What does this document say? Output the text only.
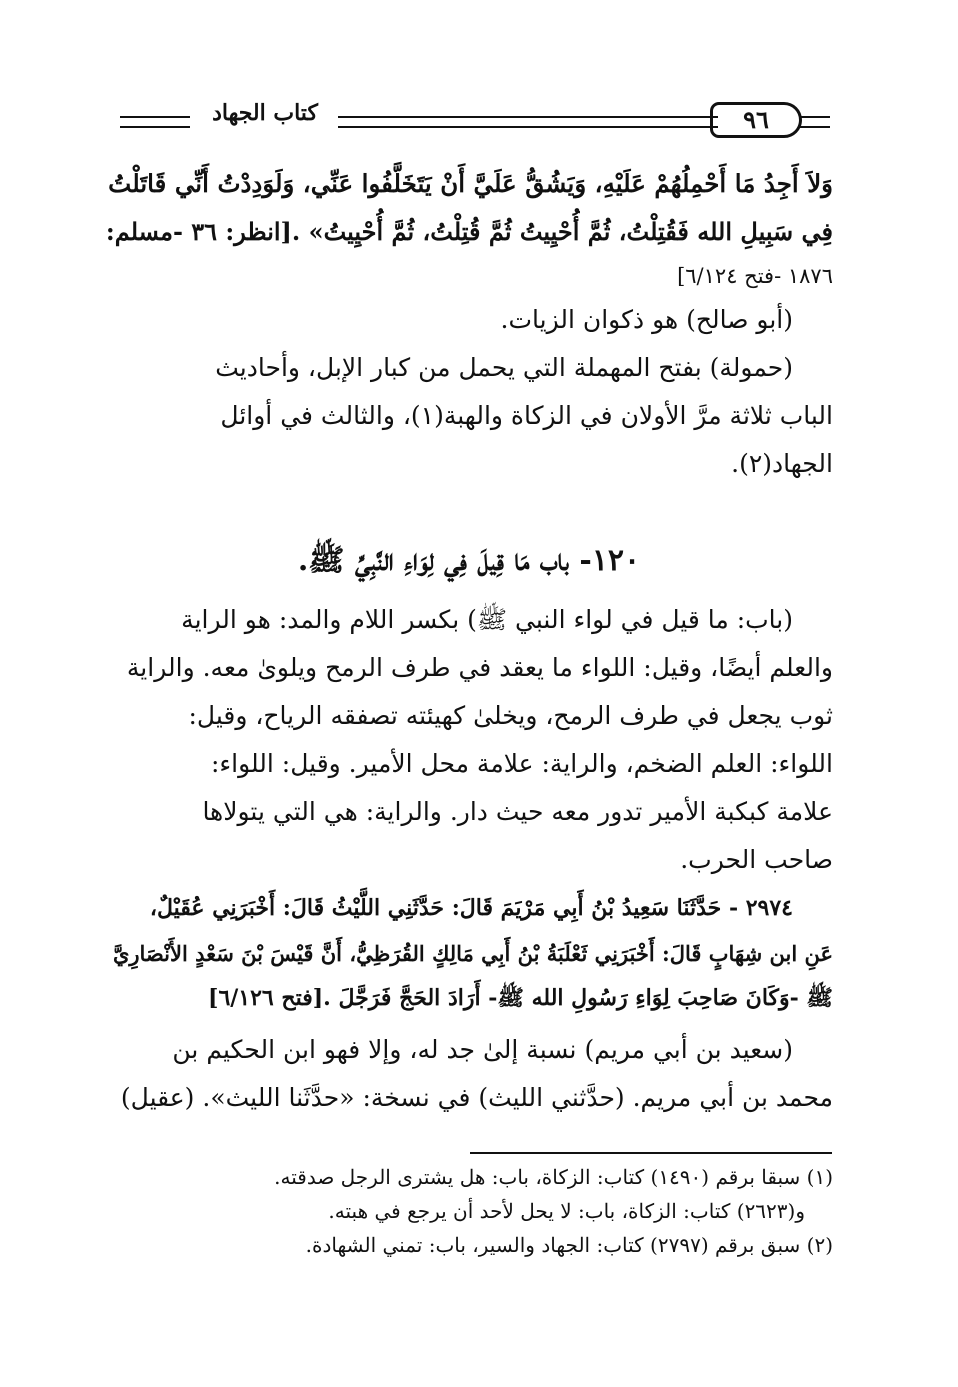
كتاب الجهاد	٩٦
وَلاَ أَجِدُ مَا أَحْمِلُهُمْ عَلَيْهِ، وَيَشُقُّ عَلَيَّ أَنْ يَتَخَلَّفُوا عَنِّي، وَلَوَدِدْتُ أَنِّي قَاتَلْتُ
فِي سَبِيلِ الله فَقُتِلْتُ، ثُمَّ أُحْيِيتُ ثُمَّ قُتِلْتُ، ثُمَّ أُحْيِيتُ» .[انظر: ٣٦ -مسلم:
١٨٧٦ -فتح ٦/١٢٤]
(أبو صالح) هو ذكوان الزيات.
(حمولة) بفتح المهملة التي يحمل من كبار الإبل، وأحاديث
الباب ثلاثة مرَّ الأولان في الزكاة والهبة(١)، والثالث في أوائل
الجهاد(٢).
١٢٠- باب مَا قِيلَ فِي لِوَاءِ النَّبِيِّ ﷺ.
(باب: ما قيل في لواء النبي ﷺ) بكسر اللام والمد: هو الراية
والعلم أيضًا، وقيل: اللواء ما يعقد في طرف الرمح ويلوىٰ معه. والراية
ثوب يجعل في طرف الرمح، ويخلىٰ كهيئته تصفقه الرياح، وقيل:
اللواء: العلم الضخم، والراية: علامة محل الأمير. وقيل: اللواء:
علامة كبكبة الأمير تدور معه حيث دار. والراية: هي التي يتولاها
صاحب الحرب.
٢٩٧٤ - حَدَّثَنَا سَعِيدُ بْنُ أَبِي مَرْيَمَ قَالَ: حَدَّثَنِي اللَّيْثُ قَالَ: أَخْبَرَنِي عُقَيْلٌ،
عَنِ ابن شِهَابٍ قَالَ: أَخْبَرَنِي ثَعْلَبَةُ بْنُ أَبِي مَالِكٍ القُرَظِيُّ، أَنَّ قَيْسَ بْنَ سَعْدٍ الأَنْصَارِيَّ
ﷺ -وَكَانَ صَاحِبَ لِوَاءِ رَسُولِ الله ﷺ- أَرَادَ الحَجَّ فَرَجَّلَ .[فتح ٦/١٢٦]
(سعيد بن أبي مريم) نسبة إلىٰ جد له، وإلا فهو ابن الحكيم بن
محمد بن أبي مريم. (حدَّثني الليث) في نسخة: «حدَّثَنا الليث». (عقيل)
(١) سبقا برقم (١٤٩٠) كتاب: الزكاة، باب: هل يشترى الرجل صدقته.
و(٢٦٢٣) كتاب: الزكاة، باب: لا يحل لأحد أن يرجع في هبته.
(٢) سبق برقم (٢٧٩٧) كتاب: الجهاد والسير، باب: تمني الشهادة.
